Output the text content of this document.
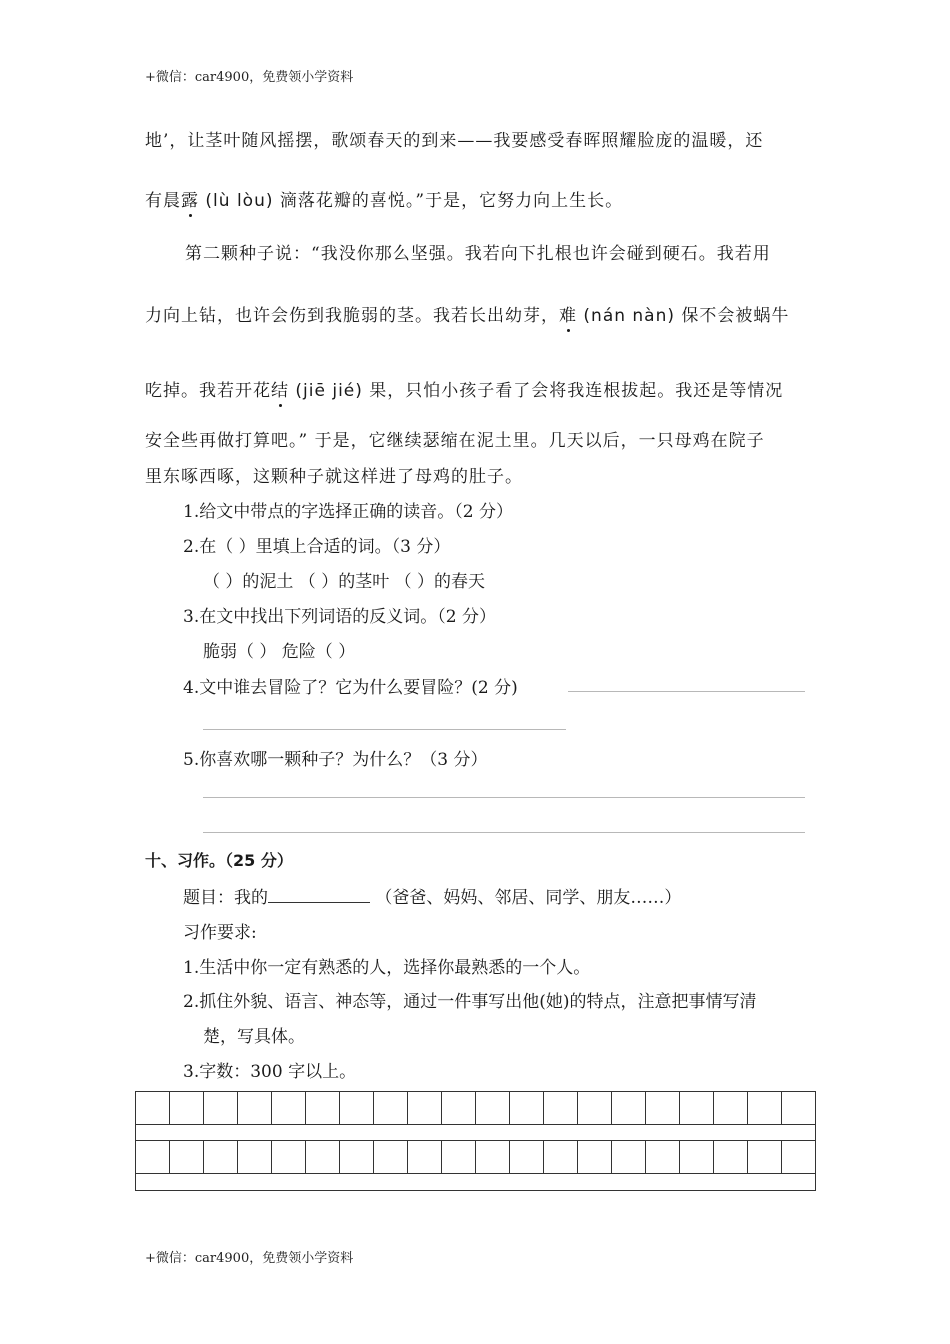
+微信：car4900，免费领小学资料
地’，让茎叶随风摇摆，歌颂春天的到来——我要感受春晖照耀脸庞的温暖，还
有晨露 (lù lòu) 滴落花瓣的喜悦。”于是，它努力向上生长。
第二颗种子说：“我没你那么坚强。我若向下扎根也许会碰到硬石。我若用
力向上钻，也许会伤到我脆弱的茎。我若长出幼芽，难 (nán nàn) 保不会被蜗牛
吃掉。我若开花结 (jiē jié) 果，只怕小孩子看了会将我连根拔起。我还是等情况
安全些再做打算吧。” 于是，它继续瑟缩在泥土里。几天以后，一只母鸡在院子
里东啄西啄，这颗种子就这样进了母鸡的肚子。
1.给文中带点的字选择正确的读音。（2 分）
2.在（ ）里填上合适的词。（3 分）
（ ）的泥土 （ ）的茎叶 （ ）的春天
3.在文中找出下列词语的反义词。（2 分）
脆弱（ ） 危险（ ）
4.文中谁去冒险了？它为什么要冒险？(2 分)
5.你喜欢哪一颗种子？为什么？（3 分）
十、习作。（25 分）
题目：我的	（爸爸、妈妈、邻居、同学、朋友……）
习作要求:
1.生活中你一定有熟悉的人，选择你最熟悉的一个人。
2.抓住外貌、语言、神态等，通过一件事写出他(她)的特点，注意把事情写清
楚，写具体。
3.字数：300 字以上。
+微信：car4900，免费领小学资料
